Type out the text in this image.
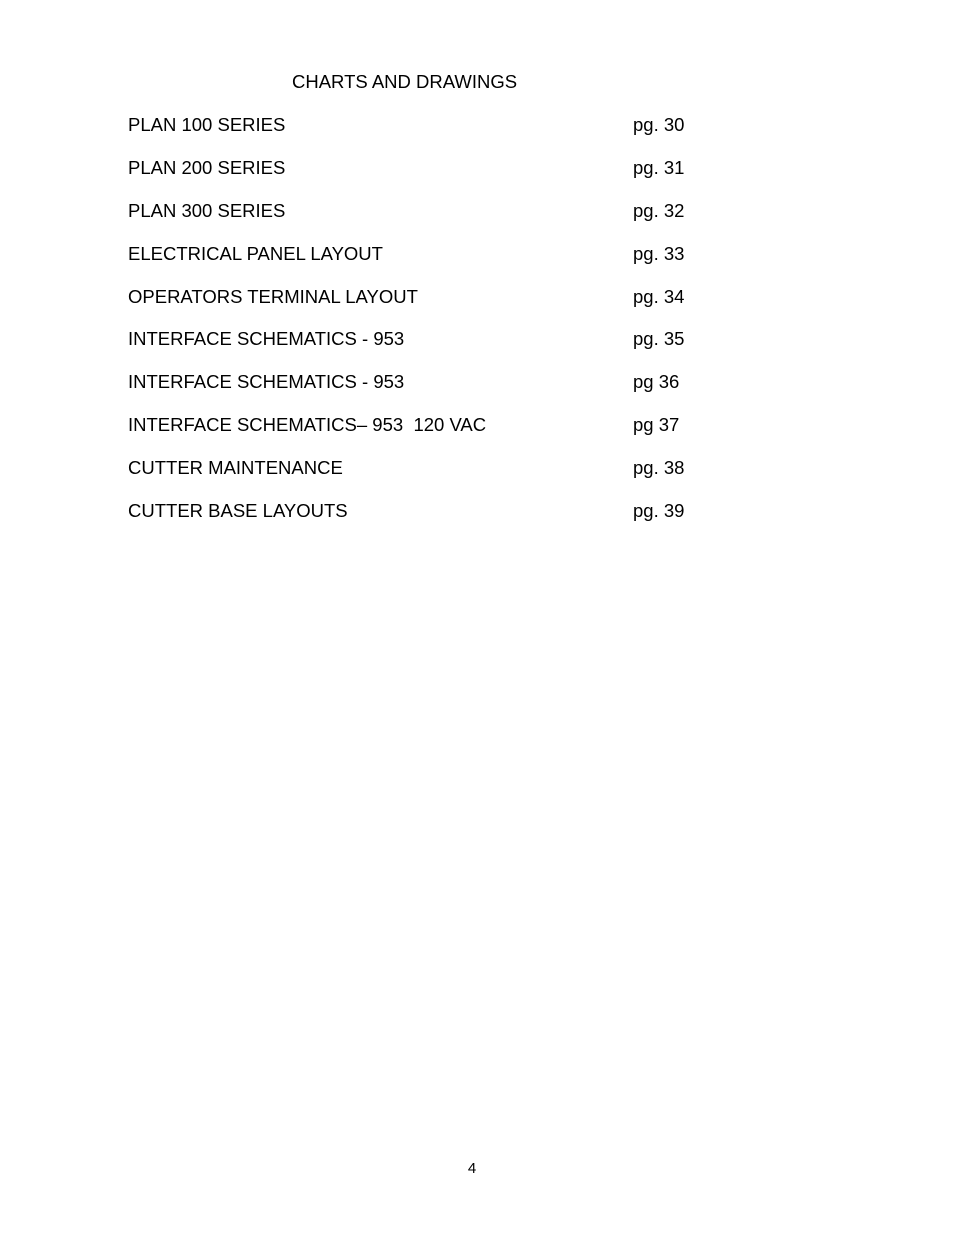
CHARTS AND DRAWINGS
PLAN 100 SERIES	pg. 30
PLAN 200 SERIES	pg. 31
PLAN 300 SERIES	pg. 32
ELECTRICAL PANEL LAYOUT	pg. 33
OPERATORS TERMINAL LAYOUT	pg. 34
INTERFACE SCHEMATICS - 953	pg. 35
INTERFACE SCHEMATICS - 953	pg 36
INTERFACE SCHEMATICS– 953  120 VAC	pg 37
CUTTER MAINTENANCE	pg. 38
CUTTER BASE LAYOUTS	pg. 39
4
